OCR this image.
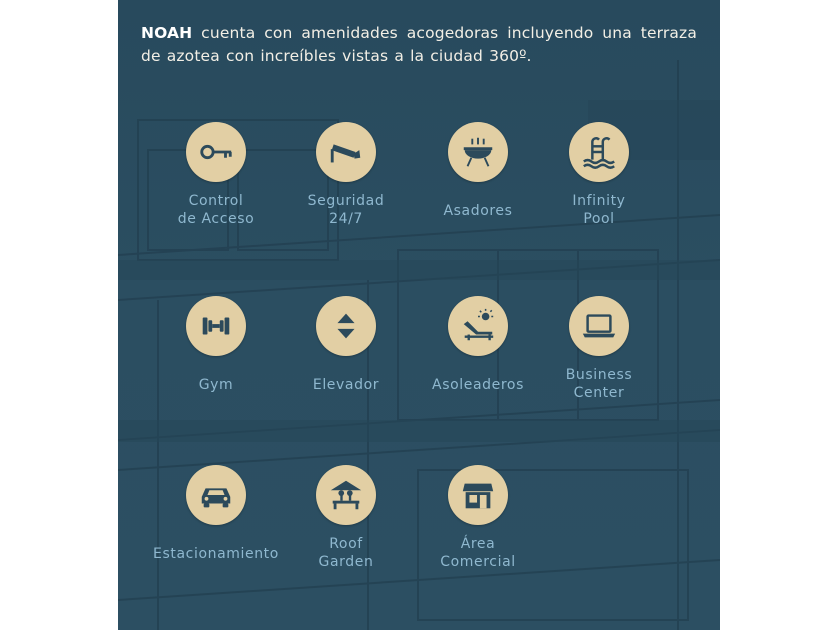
NOAH cuenta con amenidades acogedoras incluyendo una terraza de azotea con increíbles vistas a la ciudad 360º.

Control
de Acceso
Seguridad
24/7	Asadores
Infinity
Pool
Gym	Elevador	Asoleaderos
Business
Center
Estacionamiento
Roof
Garden
Área
Comercial
